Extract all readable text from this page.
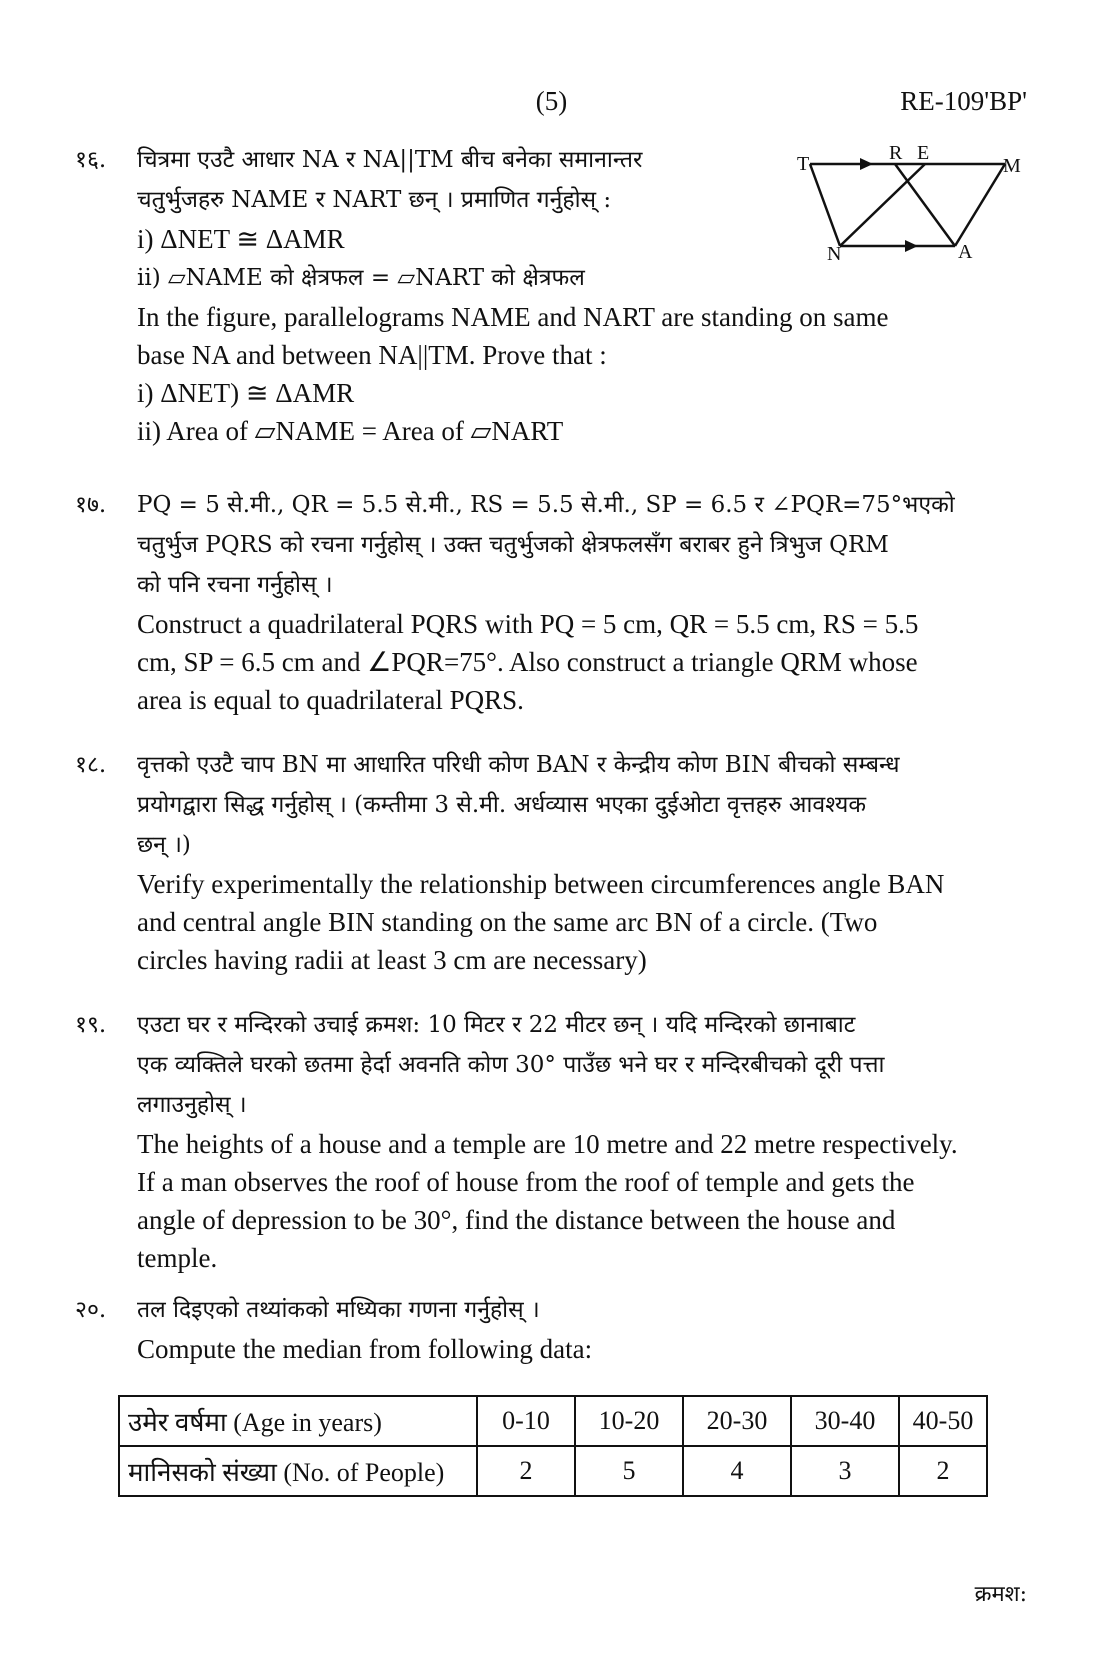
(5)	RE-109'BP'
१६.	चित्रमा एउटै आधार NA र NA||TM बीच बनेका समानान्तर
चतुर्भुजहरु NAME र NART छन् । प्रमाणित गर्नुहोस् :
i) ΔNET ≅ ΔAMR
ii) ▱NAME को क्षेत्रफल = ▱NART को क्षेत्रफल
In the figure, parallelograms NAME and NART are standing on same
base NA and between NA||TM. Prove that :
i) ΔNET) ≅ ΔAMR
ii) Area of ▱NAME = Area of ▱NART
T	R E
M
N	A
१७.	PQ = 5 से.मी., QR = 5.5 से.मी., RS = 5.5 से.मी., SP = 6.5 र ∠PQR=75°भएको
चतुर्भुज PQRS को रचना गर्नुहोस् । उक्त चतुर्भुजको क्षेत्रफलसँग बराबर हुने त्रिभुज QRM
को पनि रचना गर्नुहोस् ।
Construct a quadrilateral PQRS with PQ = 5 cm, QR = 5.5 cm, RS = 5.5
cm, SP = 6.5 cm and ∠PQR=75°. Also construct a triangle QRM whose
area is equal to quadrilateral PQRS.
१८.	वृत्तको एउटै चाप BN मा आधारित परिधी कोण BAN र केन्द्रीय कोण BIN बीचको सम्बन्ध
प्रयोगद्वारा सिद्ध गर्नुहोस् । (कम्तीमा 3 से.मी. अर्धव्यास भएका दुईओटा वृत्तहरु आवश्यक
छन् ।)
Verify experimentally the relationship between circumferences angle BAN
and central angle BIN standing on the same arc BN of a circle. (Two
circles having radii at least 3 cm are necessary)
१९.	एउटा घर र मन्दिरको उचाई क्रमश: 10 मिटर र 22 मीटर छन् । यदि मन्दिरको छानाबाट
एक व्यक्तिले घरको छतमा हेर्दा अवनति कोण 30° पाउँछ भने घर र मन्दिरबीचको दूरी पत्ता
लगाउनुहोस् ।
The heights of a house and a temple are 10 metre and 22 metre respectively.
If a man observes the roof of house from the roof of temple and gets the
angle of depression to be 30°, find the distance between the house and
temple.
२०.	तल दिइएको तथ्यांकको मध्यिका गणना गर्नुहोस् ।
Compute the median from following data:
उमेर वर्षमा (Age in years)	0-10	10-20	20-30	30-40	40-50
मानिसको संख्या (No. of People)	2	5	4	3	2
क्रमश:
